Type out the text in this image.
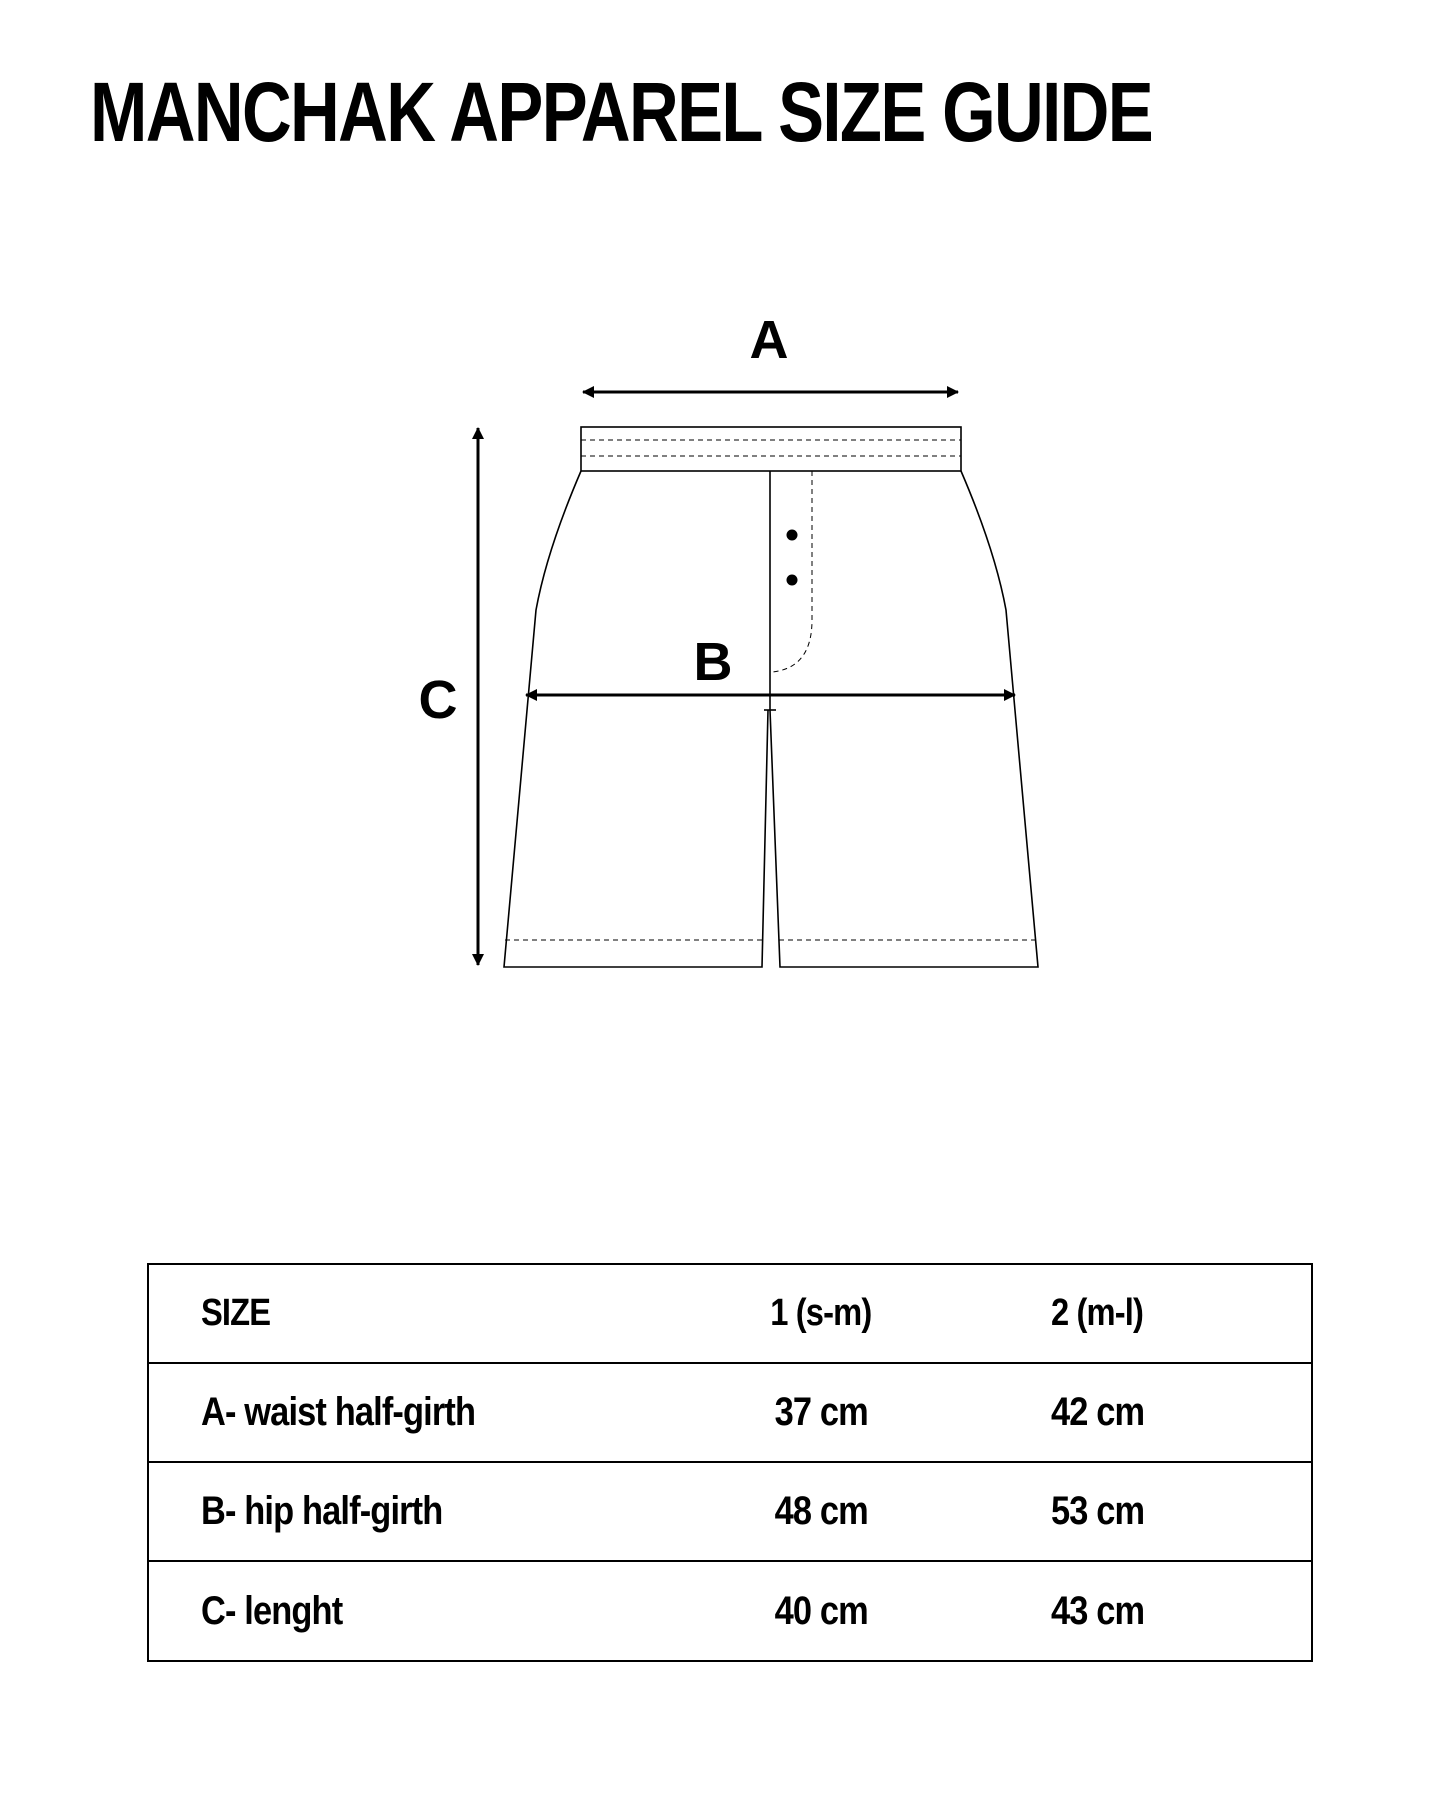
MANCHAK APPAREL SIZE GUIDE
A
C
B
SIZE	1 (s-m)	2 (m-l)
A- waist half-girth	37 cm	42 cm
B- hip half-girth	48 cm	53 cm
C- lenght	40 cm	43 cm
